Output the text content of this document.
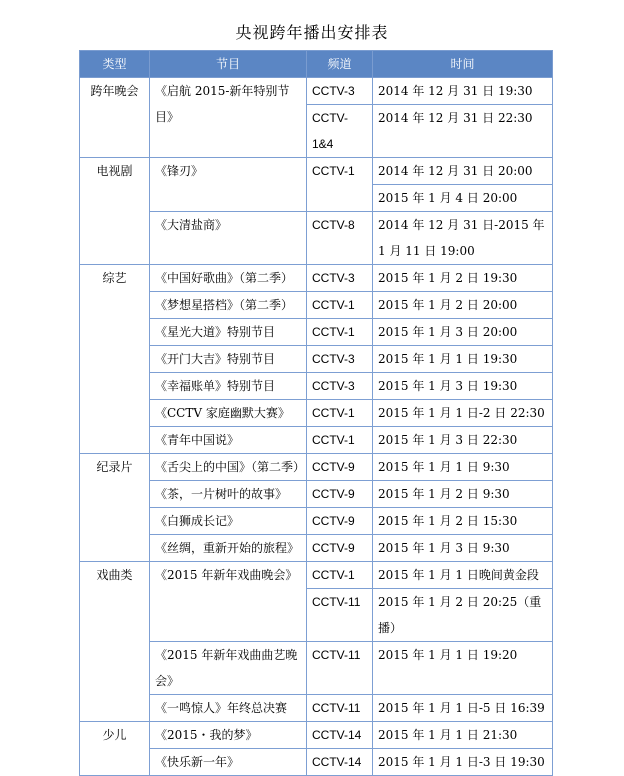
央视跨年播出安排表
类型	节目	频道	时间
跨年晚会	《启航 2015-新年特别节目》	CCTV-3	2014 年 12 月 31 日 19:30
		CCTV-1&4	2014 年 12 月 31 日 22:30
电视剧	《锋刃》	CCTV-1	2014 年 12 月 31 日 20:00
			2015 年 1 月 4 日 20:00
	《大清盐商》	CCTV-8	2014 年 12 月 31 日-2015 年 1 月 11 日 19:00
综艺	《中国好歌曲》（第二季）	CCTV-3	2015 年 1 月 2 日 19:30
	《梦想星搭档》（第二季）	CCTV-1	2015 年 1 月 2 日 20:00
	《星光大道》特别节目	CCTV-1	2015 年 1 月 3 日 20:00
	《开门大吉》特别节目	CCTV-3	2015 年 1 月 1 日 19:30
	《幸福账单》特别节目	CCTV-3	2015 年 1 月 3 日 19:30
	《CCTV 家庭幽默大赛》	CCTV-1	2015 年 1 月 1 日-2 日 22:30
	《青年中国说》	CCTV-1	2015 年 1 月 3 日 22:30
纪录片	《舌尖上的中国》（第二季）	CCTV-9	2015 年 1 月 1 日 9:30
	《茶，一片树叶的故事》	CCTV-9	2015 年 1 月 2 日 9:30
	《白狮成长记》	CCTV-9	2015 年 1 月 2 日 15:30
	《丝绸，重新开始的旅程》	CCTV-9	2015 年 1 月 3 日 9:30
戏曲类	《2015 年新年戏曲晚会》	CCTV-1	2015 年 1 月 1 日晚间黄金段
		CCTV-11	2015 年 1 月 2 日 20:25（重播）
	《2015 年新年戏曲曲艺晚会》	CCTV-11	2015 年 1 月 1 日 19:20
	《一鸣惊人》年终总决赛	CCTV-11	2015 年 1 月 1 日-5 日 16:39
少儿	《2015・我的梦》	CCTV-14	2015 年 1 月 1 日 21:30
	《快乐新一年》	CCTV-14	2015 年 1 月 1 日-3 日 19:30
